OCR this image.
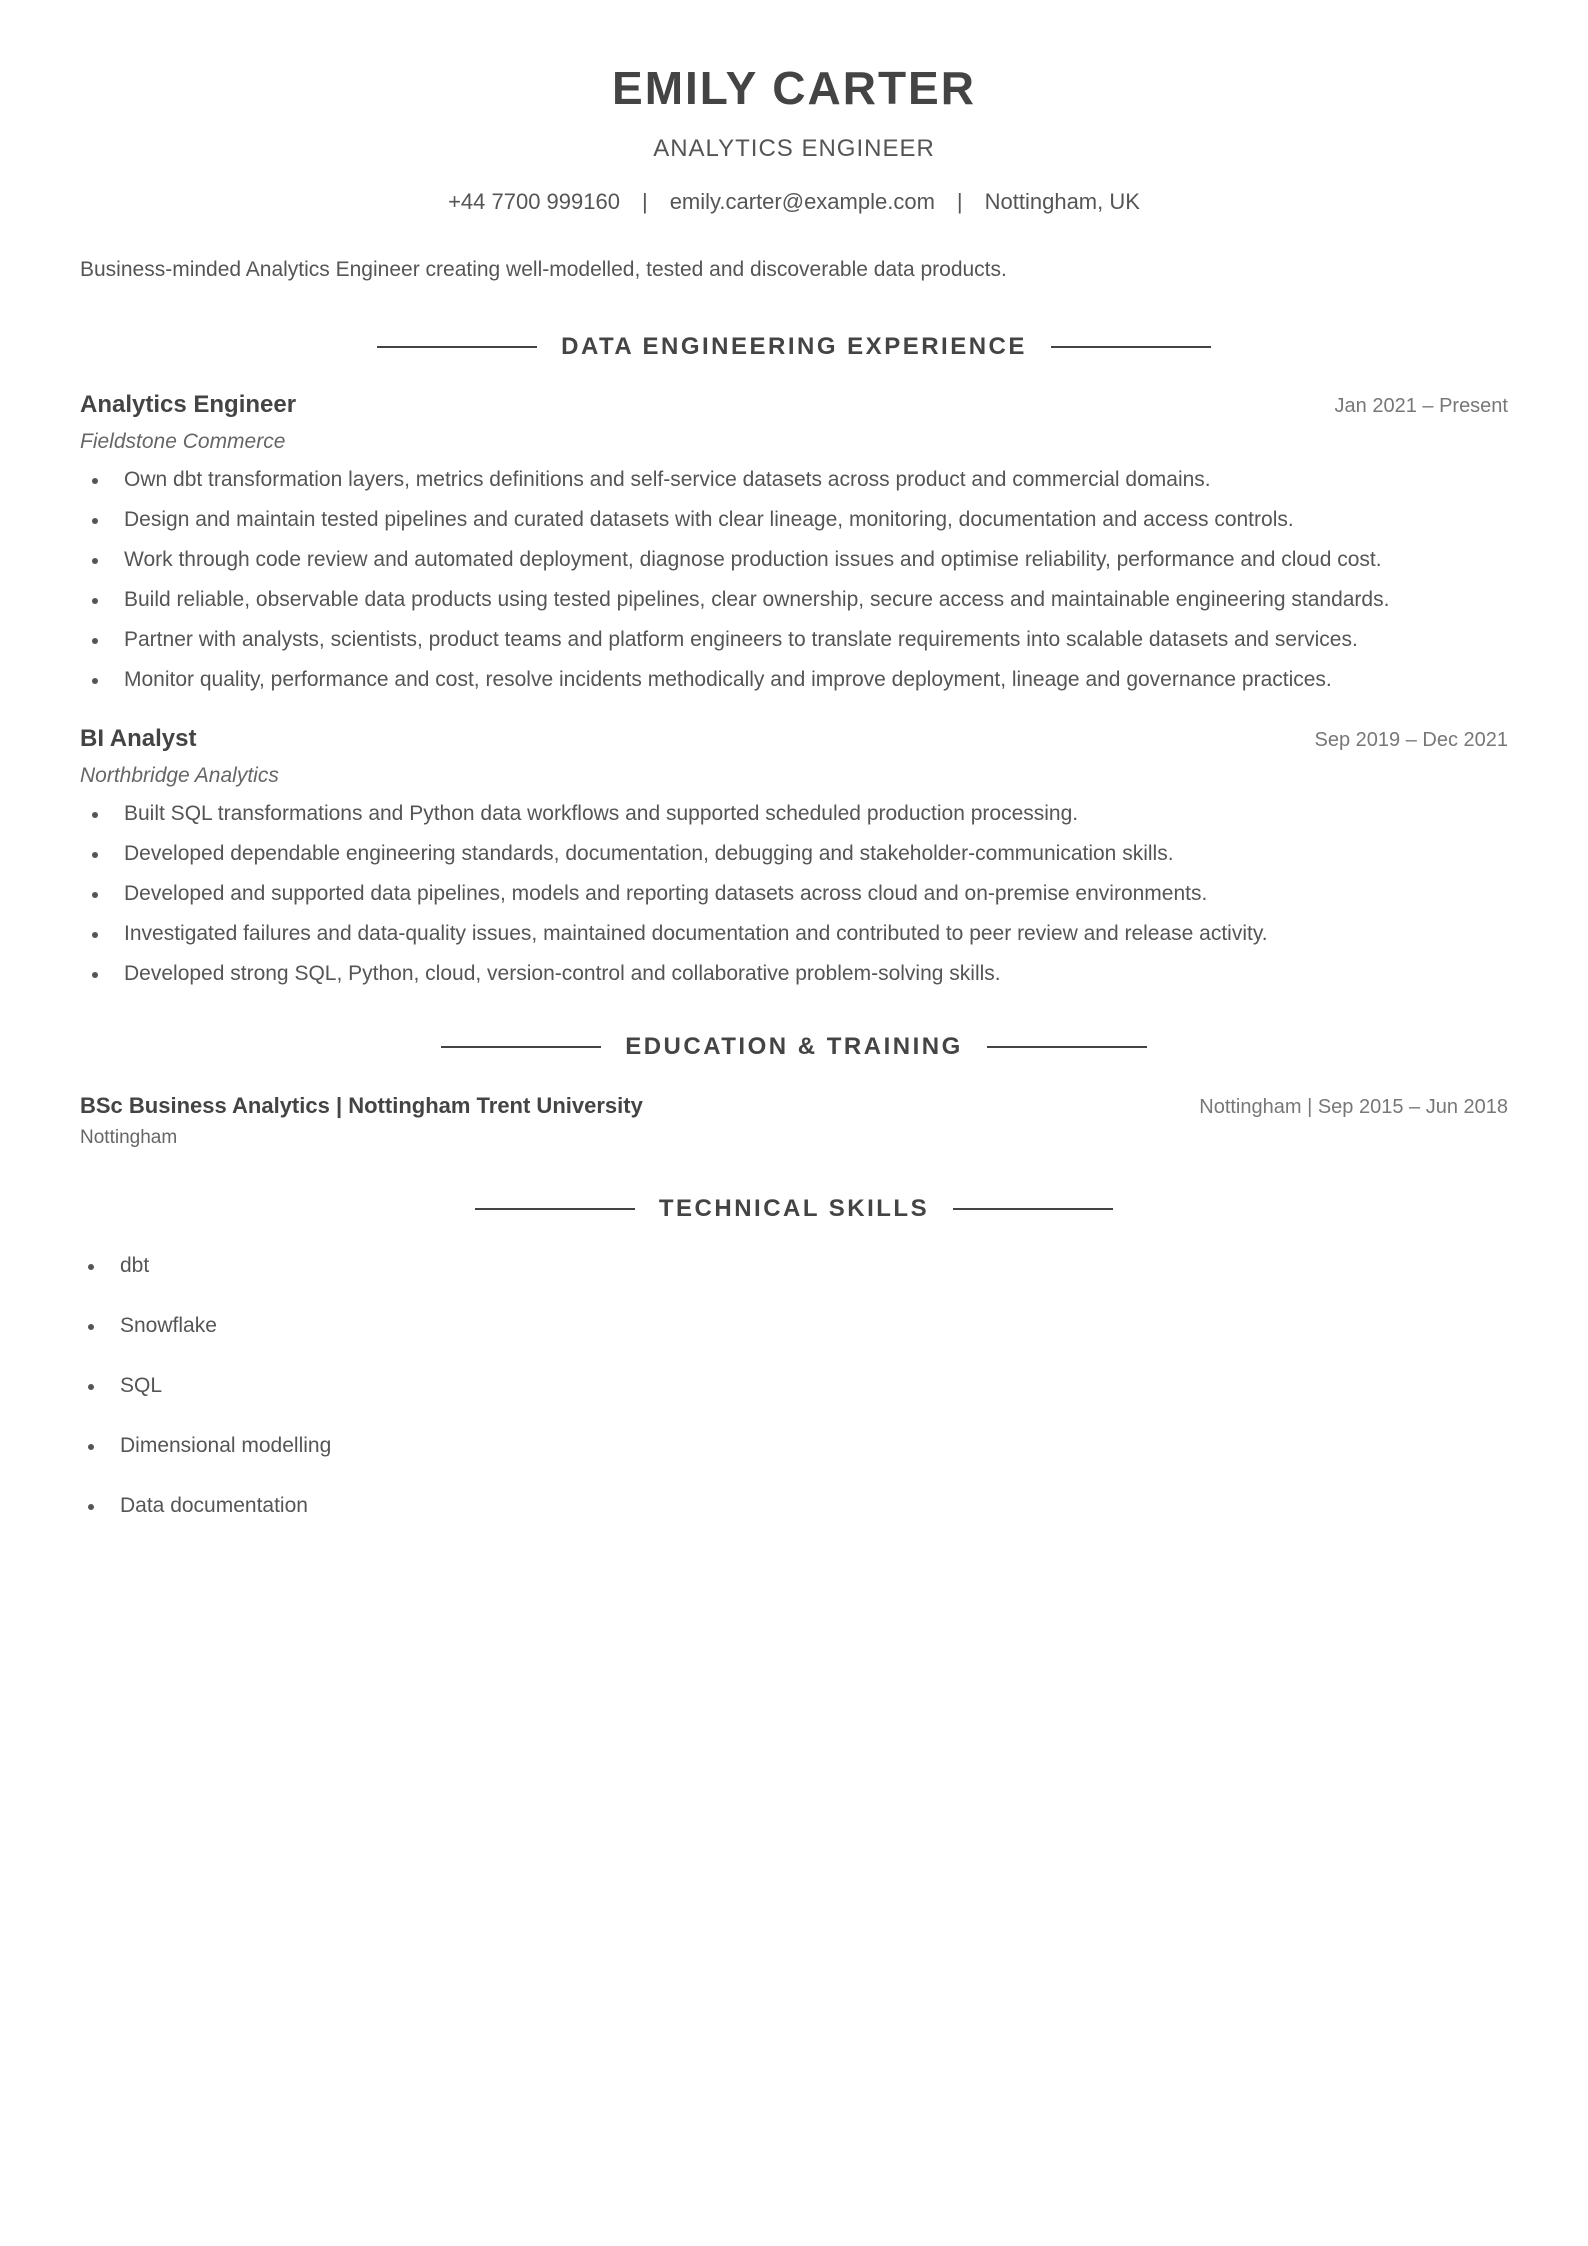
EMILY CARTER
ANALYTICS ENGINEER
+44 7700 999160 | emily.carter@example.com | Nottingham, UK
Business-minded Analytics Engineer creating well-modelled, tested and discoverable data products.
DATA ENGINEERING EXPERIENCE
Analytics Engineer	Jan 2021 – Present
Fieldstone Commerce
Own dbt transformation layers, metrics definitions and self-service datasets across product and commercial domains.
Design and maintain tested pipelines and curated datasets with clear lineage, monitoring, documentation and access controls.
Work through code review and automated deployment, diagnose production issues and optimise reliability, performance and cloud cost.
Build reliable, observable data products using tested pipelines, clear ownership, secure access and maintainable engineering standards.
Partner with analysts, scientists, product teams and platform engineers to translate requirements into scalable datasets and services.
Monitor quality, performance and cost, resolve incidents methodically and improve deployment, lineage and governance practices.
BI Analyst	Sep 2019 – Dec 2021
Northbridge Analytics
Built SQL transformations and Python data workflows and supported scheduled production processing.
Developed dependable engineering standards, documentation, debugging and stakeholder-communication skills.
Developed and supported data pipelines, models and reporting datasets across cloud and on-premise environments.
Investigated failures and data-quality issues, maintained documentation and contributed to peer review and release activity.
Developed strong SQL, Python, cloud, version-control and collaborative problem-solving skills.
EDUCATION & TRAINING
BSc Business Analytics | Nottingham Trent University	Nottingham | Sep 2015 – Jun 2018
Nottingham
TECHNICAL SKILLS
dbt
Snowflake
SQL
Dimensional modelling
Data documentation
